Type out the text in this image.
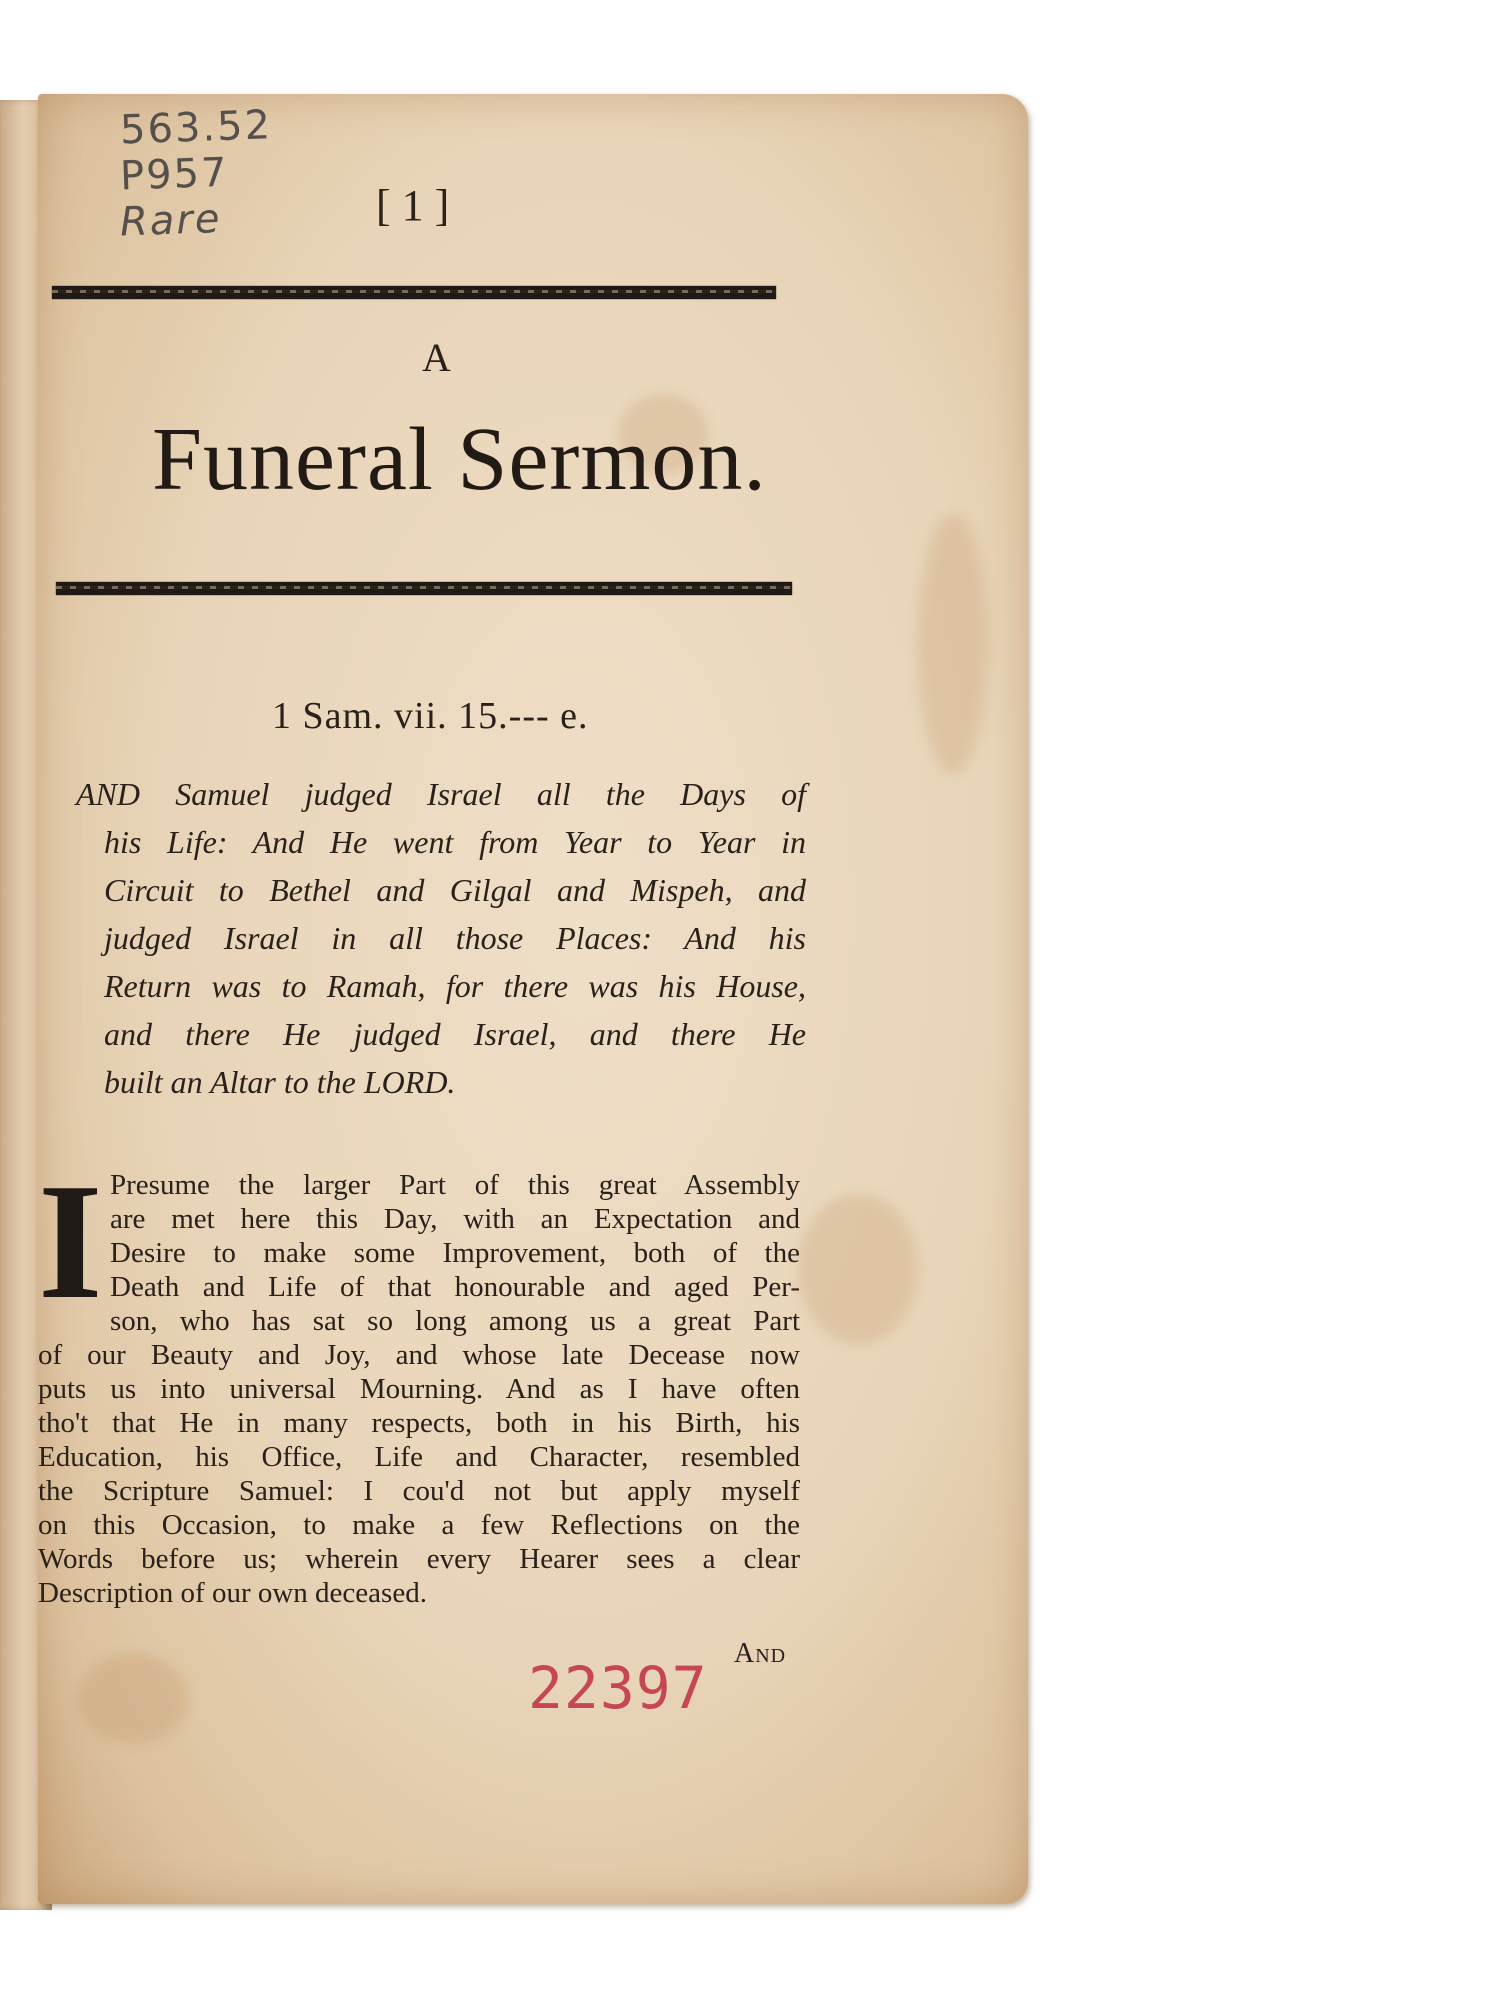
563.52
P957
Rare	[ 1 ]
A
Funeral Sermon.
1 Sam. vii. 15.--- e.

AND Samuel judged Israel all the Days of

his Life: And He went from Year to Year in

Circuit to Bethel and Gilgal and Mispeh, and

judged Israel in all those Places: And his

Return was to Ramah, for there was his House,

and there He judged Israel, and there He

built an Altar to the LORD.

I Presume the larger Part of this great Assembly

are met here this Day, with an Expectation and

Desire to make some Improvement, both of the

Death and Life of that honourable and aged Per-

son, who has sat so long among us a great Part

of our Beauty and Joy, and whose late Decease now

puts us into universal Mourning. And as I have often

tho't that He in many respects, both in his Birth, his

Education, his Office, Life and Character, resembled

the Scripture Samuel: I cou'd not but apply myself

on this Occasion, to make a few Reflections on the

Words before us; wherein every Hearer sees a clear

Description of our own deceased.

22397
And
